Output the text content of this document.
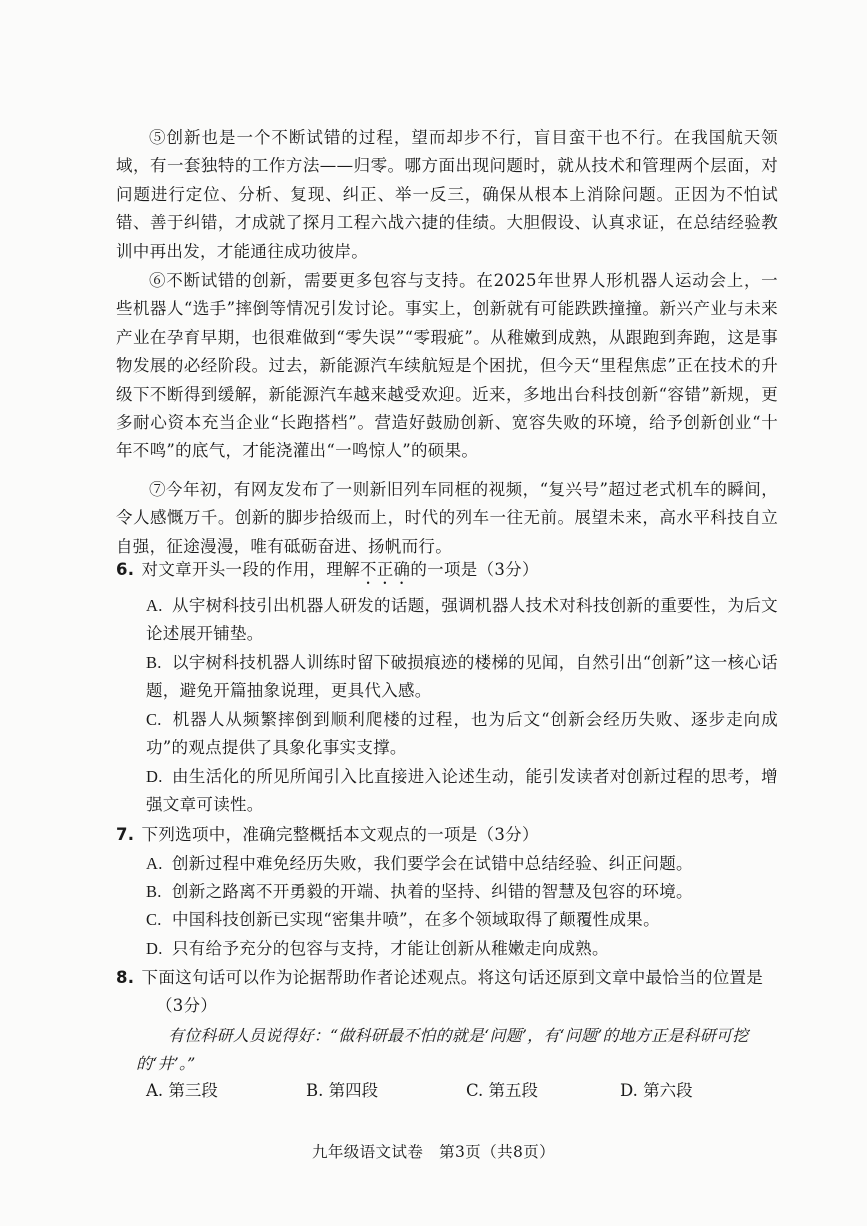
⑤创新也是一个不断试错的过程，望而却步不行，盲目蛮干也不行。在我国航天领域，有一套独特的工作方法——归零。哪方面出现问题时，就从技术和管理两个层面，对问题进行定位、分析、复现、纠正、举一反三，确保从根本上消除问题。正因为不怕试错、善于纠错，才成就了探月工程六战六捷的佳绩。大胆假设、认真求证，在总结经验教训中再出发，才能通往成功彼岸。
⑥不断试错的创新，需要更多包容与支持。在2025年世界人形机器人运动会上，一些机器人“选手”摔倒等情况引发讨论。事实上，创新就有可能跌跌撞撞。新兴产业与未来产业在孕育早期，也很难做到“零失误”“零瑕疵”。从稚嫩到成熟，从跟跑到奔跑，这是事物发展的必经阶段。过去，新能源汽车续航短是个困扰，但今天“里程焦虑”正在技术的升级下不断得到缓解，新能源汽车越来越受欢迎。近来，多地出台科技创新“容错”新规，更多耐心资本充当企业“长跑搭档”。营造好鼓励创新、宽容失败的环境，给予创新创业“十年不鸣”的底气，才能浇灌出“一鸣惊人”的硕果。
⑦今年初，有网友发布了一则新旧列车同框的视频，“复兴号”超过老式机车的瞬间，令人感慨万千。创新的脚步拾级而上，时代的列车一往无前。展望未来，高水平科技自立自强，征途漫漫，唯有砥砺奋进、扬帆而行。
6. 对文章开头一段的作用，理解不正确的一项是（3分）
A. 从宇树科技引出机器人研发的话题，强调机器人技术对科技创新的重要性，为后文论述展开铺垫。
B. 以宇树科技机器人训练时留下破损痕迹的楼梯的见闻，自然引出“创新”这一核心话题，避免开篇抽象说理，更具代入感。
C. 机器人从频繁摔倒到顺利爬楼的过程，也为后文“创新会经历失败、逐步走向成功”的观点提供了具象化事实支撑。
D. 由生活化的所见所闻引入比直接进入论述生动，能引发读者对创新过程的思考，增强文章可读性。
7. 下列选项中，准确完整概括本文观点的一项是（3分）
A. 创新过程中难免经历失败，我们要学会在试错中总结经验、纠正问题。
B. 创新之路离不开勇毅的开端、执着的坚持、纠错的智慧及包容的环境。
C. 中国科技创新已实现“密集井喷”，在多个领域取得了颠覆性成果。
D. 只有给予充分的包容与支持，才能让创新从稚嫩走向成熟。
8. 下面这句话可以作为论据帮助作者论述观点。将这句话还原到文章中最恰当的位置是
（3分）
有位科研人员说得好：“做科研最不怕的就是‘问题’，有‘问题’的地方正是科研可挖的‘井’。”
A. 第三段	B. 第四段	C. 第五段	D. 第六段
九年级语文试卷　第3页（共8页）
